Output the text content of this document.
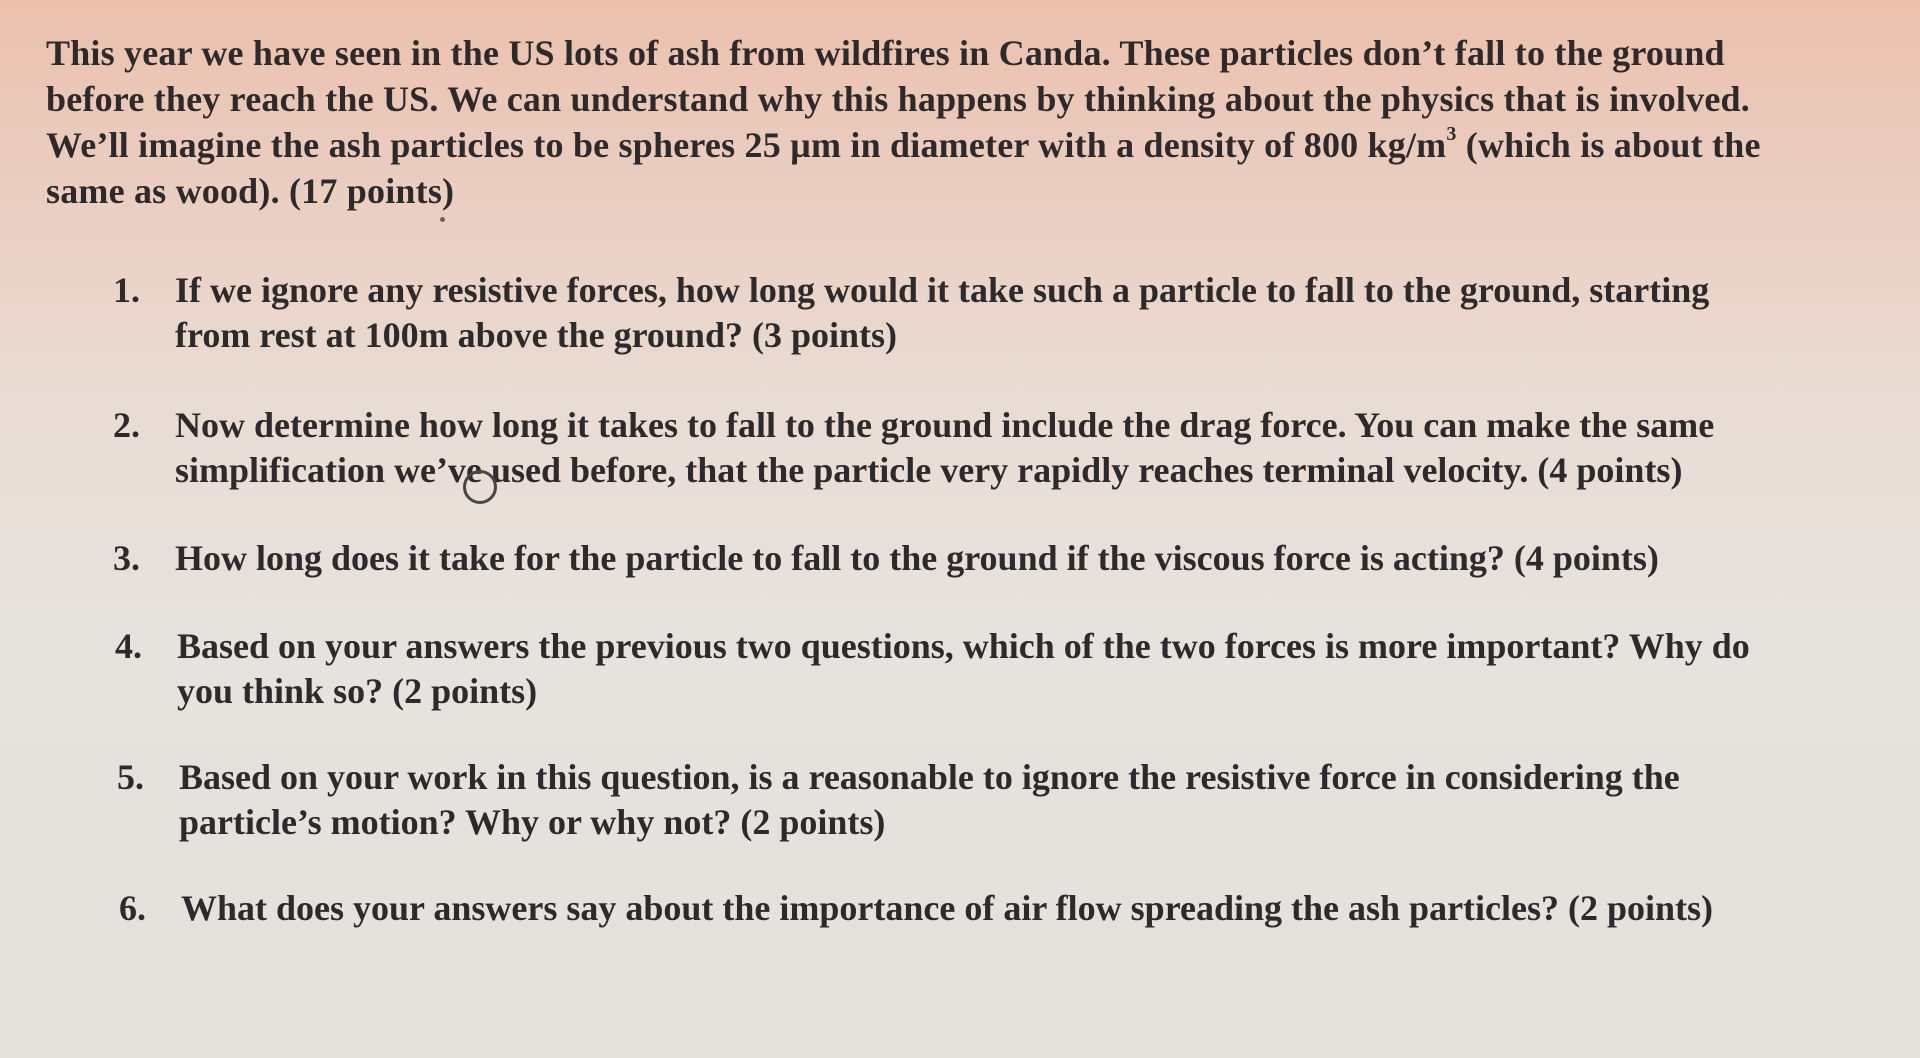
This year we have seen in the US lots of ash from wildfires in Canda. These particles don’t fall to the ground
before they reach the US. We can understand why this happens by thinking about the physics that is involved.
We’ll imagine the ash particles to be spheres 25 µm in diameter with a density of 800 $kg/m^3$ (which is about the
same as wood). (17 points)
1. If we ignore any resistive forces, how long would it take such a particle to fall to the ground, starting
from rest at 100m above the ground? (3 points)
2. Now determine how long it takes to fall to the ground include the drag force. You can make the same
simplification we’ve used before, that the particle very rapidly reaches terminal velocity. (4 points)
3. How long does it take for the particle to fall to the ground if the viscous force is acting? (4 points)
4. Based on your answers the previous two questions, which of the two forces is more important? Why do
you think so? (2 points)
5. Based on your work in this question, is a reasonable to ignore the resistive force in considering the
particle’s motion? Why or why not? (2 points)
6. What does your answers say about the importance of air flow spreading the ash particles? (2 points)
